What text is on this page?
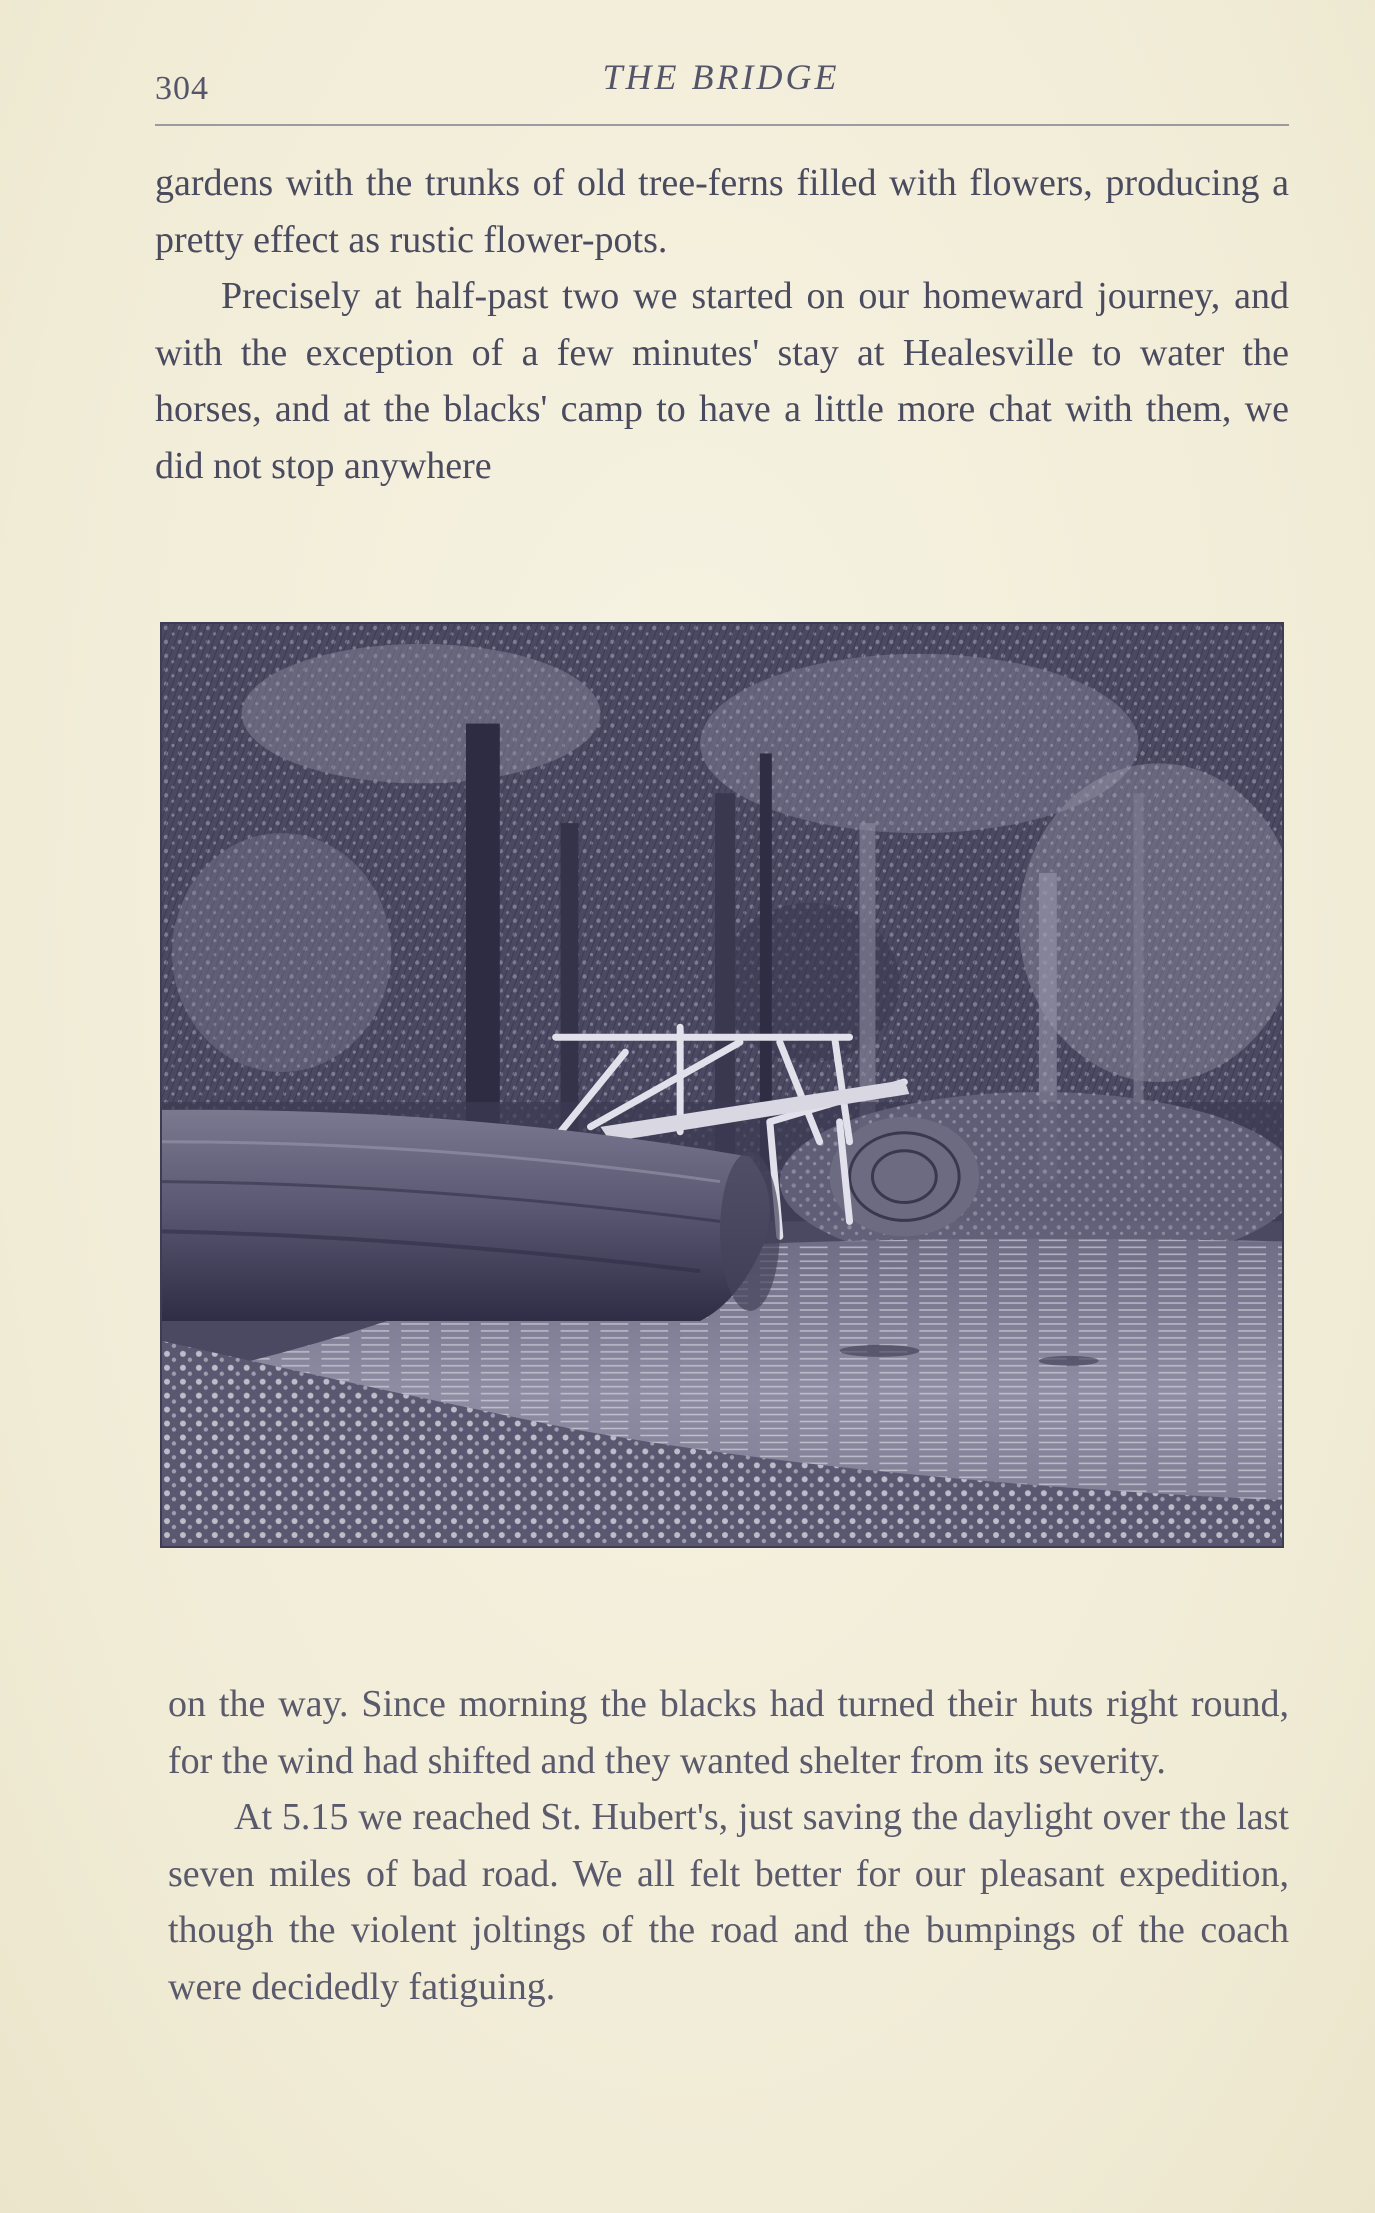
304	THE BRIDGE

gardens with the trunks of old tree-ferns filled with flowers, producing a pretty effect as rustic flower-pots.

Precisely at half-past two we started on our homeward journey, and with the exception of a few minutes' stay at Healesville to water the horses, and at the blacks' camp to have a little more chat with them, we did not stop anywhere

on the way. Since morning the blacks had turned their huts right round, for the wind had shifted and they wanted shelter from its severity.

At 5.15 we reached St. Hubert's, just saving the daylight over the last seven miles of bad road. We all felt better for our pleasant expedition, though the violent joltings of the road and the bumpings of the coach were decidedly fatiguing.
